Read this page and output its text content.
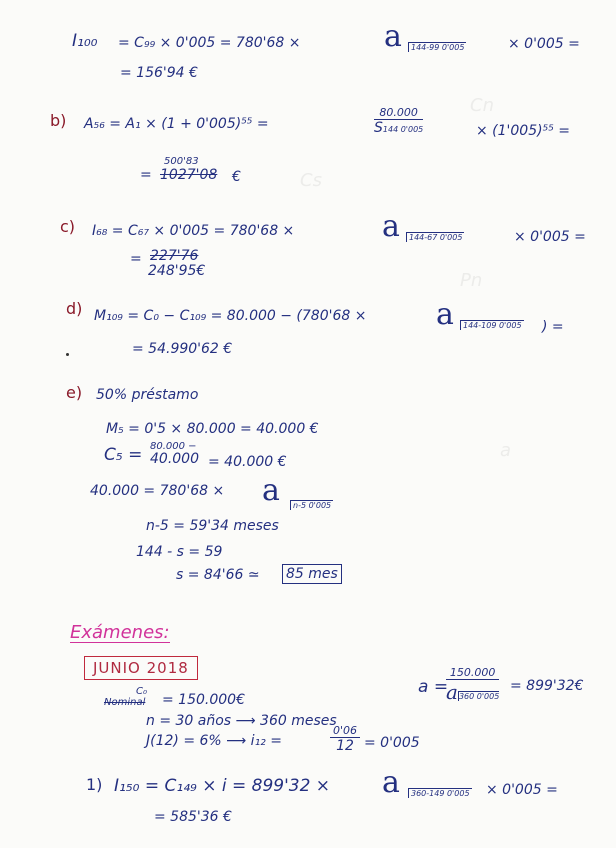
Cn
Cs
Pn
a
I₁₀₀ = C₉₉ × 0'005 = 780'68 ×	a	144-99 0'005	× 0'005 =
= 156'94 €
b) A₅₆ = A₁ × (1 + 0'005)⁵⁵ =
80.000
S144 0'005	× (1'005)⁵⁵ =
500'83
= 1027'08 €
c) I₆₈ = C₆₇ × 0'005 = 780'68 ×	a	144-67 0'005	× 0'005 =
= 227'76
248'95€
d) M₁₀₉ = C₀ − C₁₀₉ = 80.000 − (780'68 × a	144-109 0'005 ) =
= 54.990'62 €
e) 50% préstamo
M₅ = 0'5 × 80.000 = 40.000 €
C₅ = 80.000 −
40.000 = 40.000 €
40.000 = 780'68 × a	n-5 0'005
n-5 = 59'34 meses
144 - s = 59
s = 84'66 ≃ 85 mes
Exámenes:
JUNIO 2018
C₀
Nominal = 150.000€
n = 30 años ⟶ 360 meses
J(12) = 6% ⟶ i₁₂ =
0'06
12 = 0'005
a =
150.000
a360 0'005
= 899'32€
1) I₁₅₀ = C₁₄₉ × i = 899'32 × a	360-149 0'005 × 0'005 =
= 585'36 €
